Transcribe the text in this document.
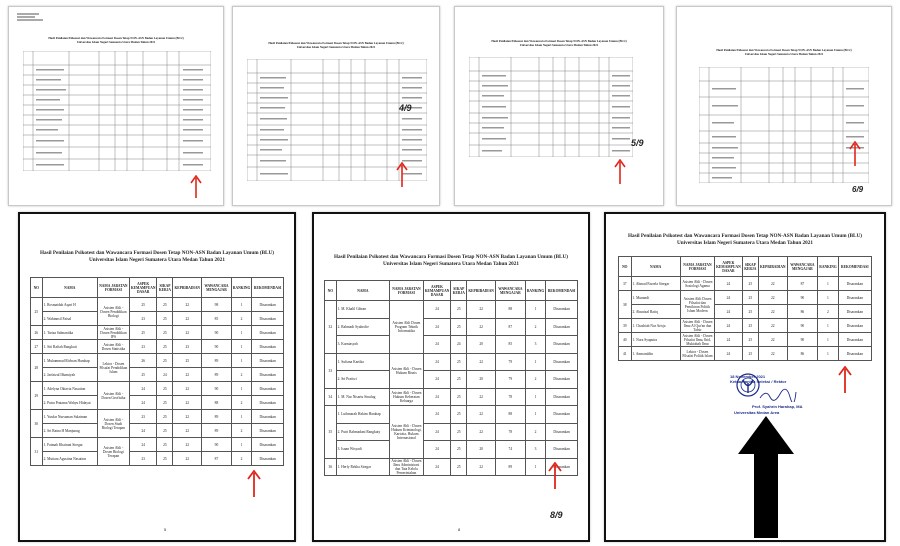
Hasil Penilaian Psikotest dan Wawancara Formasi Dosen Tetap NON-ASN Badan Layanan Umum (BLU)
Universitas Islam Negeri Sumatera Utara Medan Tahun 2021	Hasil Penilaian Psikotest dan Wawancara Formasi Dosen Tetap NON-ASN Badan Layanan Umum (BLU)
Universitas Islam Negeri Sumatera Utara Medan Tahun 2021
4/9
Hasil Penilaian Psikotest dan Wawancara Formasi Dosen Tetap NON-ASN Badan Layanan Umum (BLU)
Universitas Islam Negeri Sumatera Utara Medan Tahun 2021
5/9
Hasil Penilaian Psikotest dan Wawancara Formasi Dosen Tetap NON-ASN Badan Layanan Umum (BLU)
Universitas Islam Negeri Sumatera Utara Medan Tahun 2021
6/9
Hasil Penilaian Psikotest dan Wawancara Formasi Dosen Tetap NON-ASN Badan Layanan Umum (BLU)
Universitas Islam Negeri Sumatera Utara Medan Tahun 2021
NO	NAMA	NAMA JABATAN FORMASI	ASPEK KEMAMPUAN DASAR	SIKAP KERJA	KEPRIBADIAN	WAWANCARA MENGAJAR	RANKING	REKOMENDASI
25	1. Rosmaidah Aqari H	Asisten Ahli - Dosen Pendidikan Biologi	25	25	22	98	1	Disarankan
	2. Wahinnsil Faisal		23	25	22	85	2	Disarankan
26	1. Tariza Salmantika	Asisten Ahli - Dosen Pendidikan IPS	25	25	22	90	1	Disarankan
27	1. Siti Rafiah Rangkuti	Asisten Ahli - Dosen Statistika	23	25	23	90	1	Disarankan
28	1. Muhammad Ridwan Harahap	Lektor - Dosen Filsafat Pendidikan Islam	26	25	25	89	1	Disarankan
	2. Jarfaizul Ilhamiyah		25	24	22	89	2	Disarankan
29	1. Adelyna Oktavia Nasution	Asisten Ahli - Dosen Geofisika	24	25	22	90	1	Disarankan
	2. Putra Pratama Wahyu Hidayat		24	25	22	88	2	Disarankan
30	1. Yusdar Nursaman Sulaiman	Asisten Ahli - Dosen Studi Biologi Terapan	23	25	22	89	1	Disarankan
	2. Sri Ratna H Manjuong		24	25	22	89	2	Disarankan
31	1. Fatmah Khairani Siregar	Asisten Ahli - Dosen Biologi Terapan	24	25	22	90	1	Disarankan
	2. Mutiara Agustina Nasution		23	25	22	87	2	Disarankan
5
Hasil Penilaian Psikotest dan Wawancara Formasi Dosen Tetap NON-ASN Badan Layanan Umum (BLU)
Universitas Islam Negeri Sumatera Utara Medan Tahun 2021
NO	NAMA	NAMA JABATAN FORMASI	ASPEK KEMAMPUAN DASAR	SIKAP KERJA	KEPRIBADIAN	WAWANCARA MENGAJAR	RANKING	REKOMENDASI
32	1. M. Khalil Gibran	Asisten Ahli Dosen Program Teknik Informatika	24	25	22	88	1	Disarankan
	2. Rahmadi Syahrolie		24	25	22	87	2	Disarankan
	3. Kurniasyah		24	24	20	85	3	Disarankan
33	1. Sufiana Kartika	Asisten Ahli - Dosen Hukum Bisnis	24	25	22	79	1	Disarankan
	2. Sri Pratiwi		24	25	20	79	2	Disarankan
34	1. M. Nur Nisartu Sinulug	Asisten Ahli - Dosen Hukum Keberatan Keluarga	24	25	22	78	1	Disarankan
35	1. Luthmarah Hakim Harahap	Asisten Ahli - Dosen Hukum Kriminologi, Kartotia, Hukum Internasional	24	25	22	88	1	Disarankan
	2. Putri Rahmadani Rangkuty		24	25	22	78	2	Disarankan
	3. Isnan Wisyadi		24	25	20	74	3	Disarankan
36	1. Herfy Rekha Siregar	Asisten Ahli - Dosen Ilmu Administrasi dan Tata Kelola Pemerintahan	24	25	22	89	1	Disarankan
8/9
8
Hasil Penilaian Psikotest dan Wawancara Formasi Dosen Tetap NON-ASN Badan Layanan Umum (BLU)
Universitas Islam Negeri Sumatera Utara Medan Tahun 2021
NO	NAMA	NAMA JABATAN FORMASI	ASPEK KEMAMPUAN DASAR	SIKAP KERJA	KEPRIBADIAN	WAWANCARA MENGAJAR	RANKING	REKOMENDASI
37	1. Ahmad Fazrela Siregar	Asisten Ahli - Dosen Sosiologi Agama	24	25	22	87	1	Disarankan
38	1. Munandi	Asisten Ahli Dosen Filsafat dan Pemikiran Politik Islam Modern	24	25	22	90	1	Disarankan
	2. Abunizal Ratiq		24	25	22	86	2	Disarankan
39	1. Chasbiah Nur Arisja	Asisten Ahli - Dosen Ilmu Al Qur'an dan Tafsir	24	25	22	90	1	Disarankan
40	1. Nora Syaputra	Asisten Ahli - Dosen Filsafat Ilmu, Ibid, Muktabah Ilmu	24	25	22	90	1	Disarankan
41	1. Anmaraldin	Lektor - Dosen Filsafat Politik Islam	24	25	22	86	1	Disarankan
18 November 2021
Ketua Panitia Seleksi / Rektor
Prof. Syahrin Harahap, MA
Universitas Medan Area
